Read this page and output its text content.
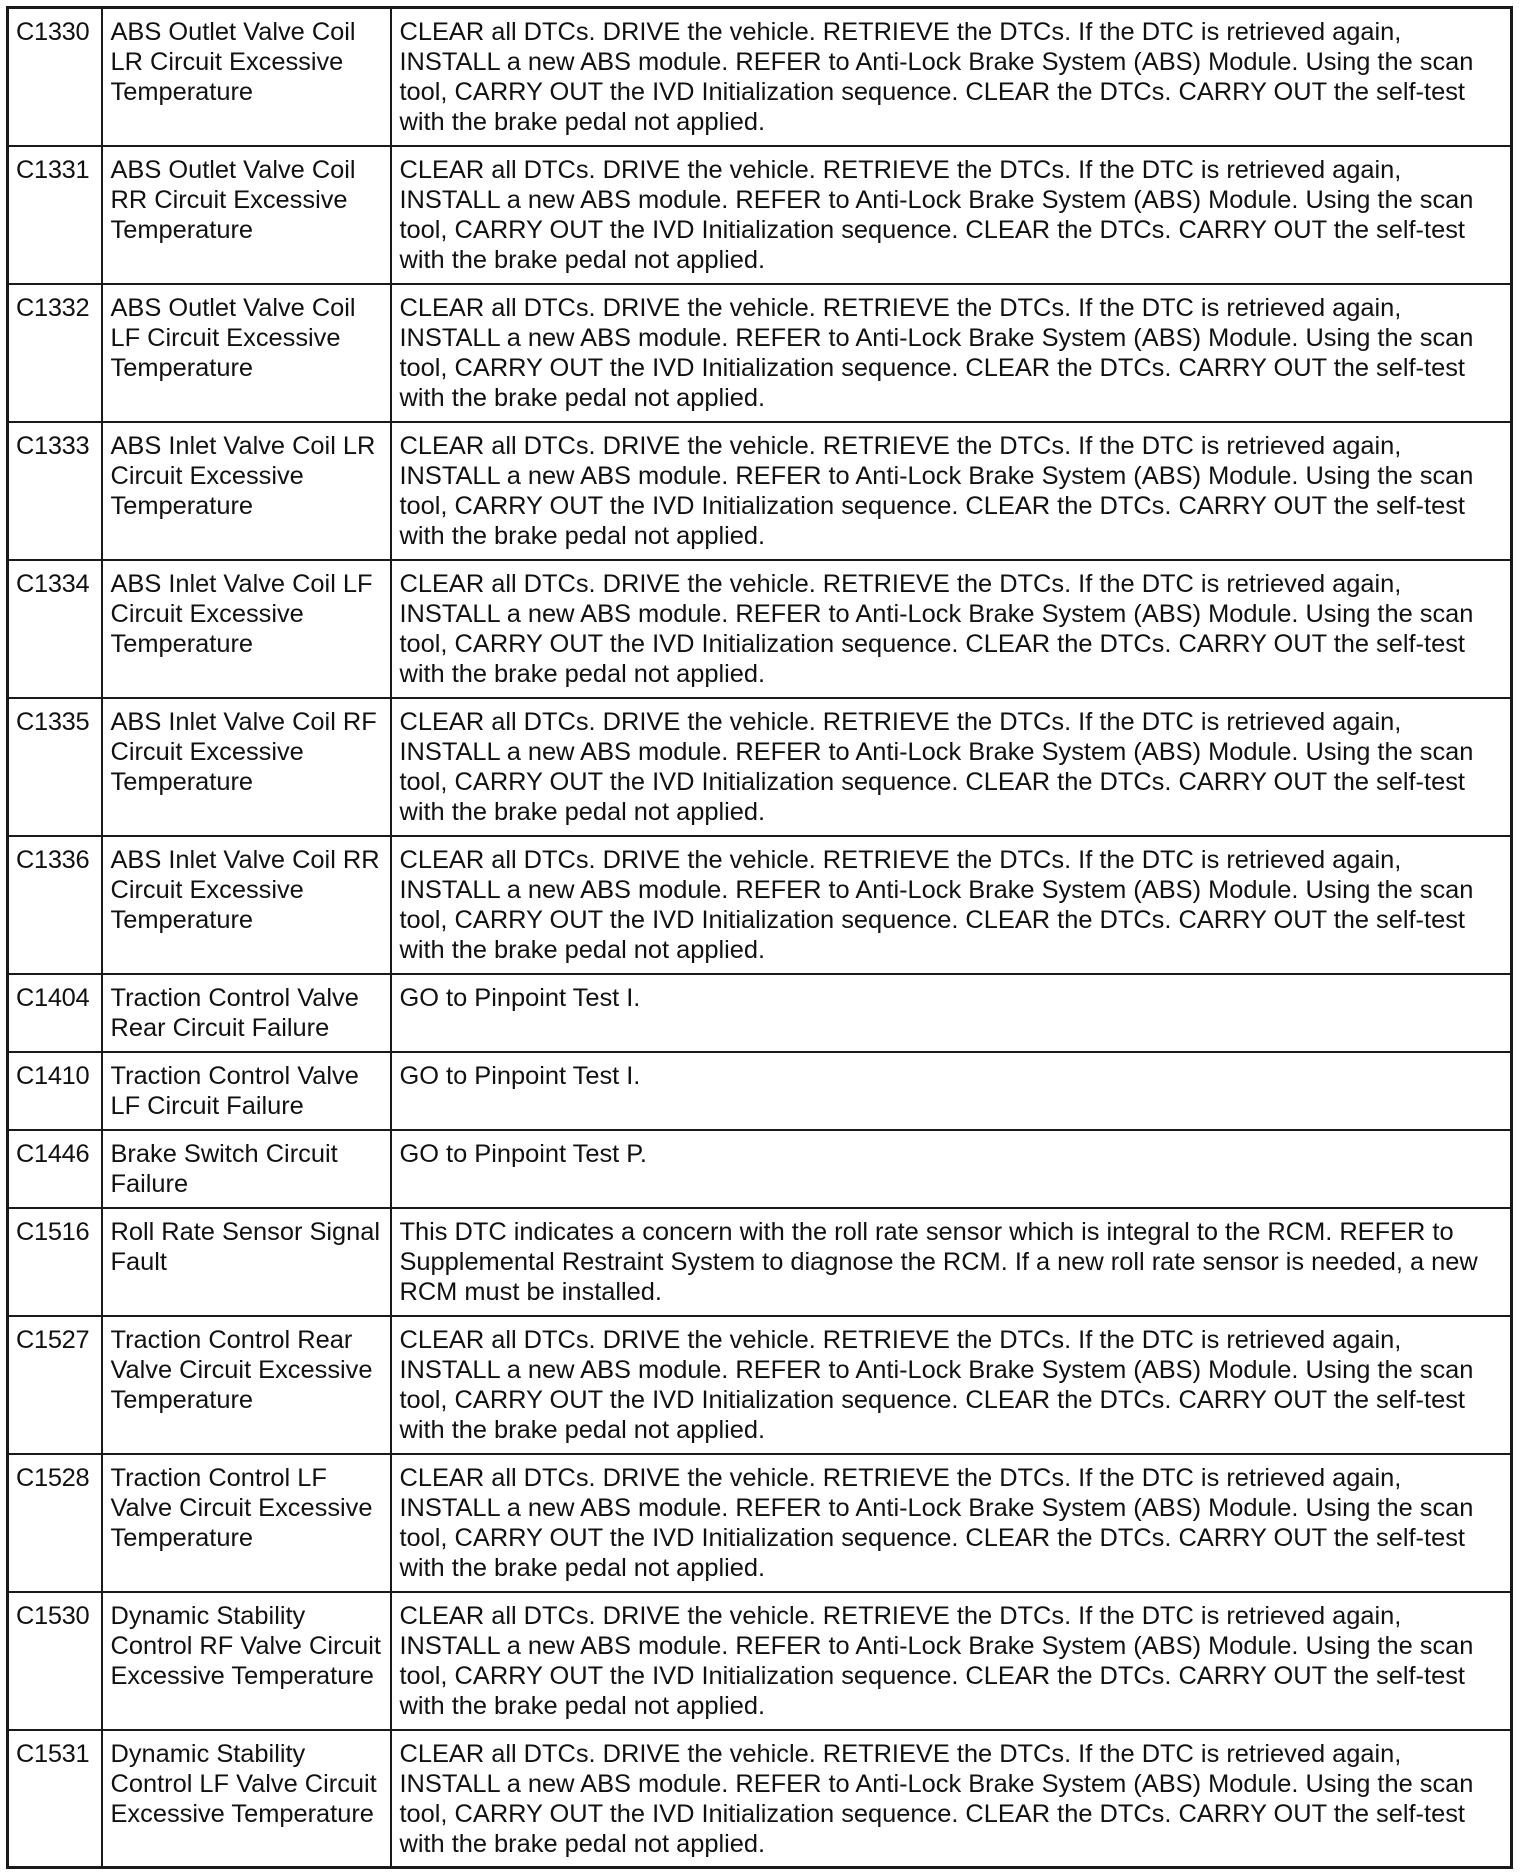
C1330	ABS Outlet Valve Coil LR Circuit Excessive Temperature	CLEAR all DTCs. DRIVE the vehicle. RETRIEVE the DTCs. If the DTC is retrieved again, INSTALL a new ABS module. REFER to Anti-Lock Brake System (ABS) Module. Using the scan tool, CARRY OUT the IVD Initialization sequence. CLEAR the DTCs. CARRY OUT the self-test with the brake pedal not applied.
C1331	ABS Outlet Valve Coil RR Circuit Excessive Temperature	CLEAR all DTCs. DRIVE the vehicle. RETRIEVE the DTCs. If the DTC is retrieved again, INSTALL a new ABS module. REFER to Anti-Lock Brake System (ABS) Module. Using the scan tool, CARRY OUT the IVD Initialization sequence. CLEAR the DTCs. CARRY OUT the self-test with the brake pedal not applied.
C1332	ABS Outlet Valve Coil LF Circuit Excessive Temperature	CLEAR all DTCs. DRIVE the vehicle. RETRIEVE the DTCs. If the DTC is retrieved again, INSTALL a new ABS module. REFER to Anti-Lock Brake System (ABS) Module. Using the scan tool, CARRY OUT the IVD Initialization sequence. CLEAR the DTCs. CARRY OUT the self-test with the brake pedal not applied.
C1333	ABS Inlet Valve Coil LR Circuit Excessive Temperature	CLEAR all DTCs. DRIVE the vehicle. RETRIEVE the DTCs. If the DTC is retrieved again, INSTALL a new ABS module. REFER to Anti-Lock Brake System (ABS) Module. Using the scan tool, CARRY OUT the IVD Initialization sequence. CLEAR the DTCs. CARRY OUT the self-test with the brake pedal not applied.
C1334	ABS Inlet Valve Coil LF Circuit Excessive Temperature	CLEAR all DTCs. DRIVE the vehicle. RETRIEVE the DTCs. If the DTC is retrieved again, INSTALL a new ABS module. REFER to Anti-Lock Brake System (ABS) Module. Using the scan tool, CARRY OUT the IVD Initialization sequence. CLEAR the DTCs. CARRY OUT the self-test with the brake pedal not applied.
C1335	ABS Inlet Valve Coil RF Circuit Excessive Temperature	CLEAR all DTCs. DRIVE the vehicle. RETRIEVE the DTCs. If the DTC is retrieved again, INSTALL a new ABS module. REFER to Anti-Lock Brake System (ABS) Module. Using the scan tool, CARRY OUT the IVD Initialization sequence. CLEAR the DTCs. CARRY OUT the self-test with the brake pedal not applied.
C1336	ABS Inlet Valve Coil RR Circuit Excessive Temperature	CLEAR all DTCs. DRIVE the vehicle. RETRIEVE the DTCs. If the DTC is retrieved again, INSTALL a new ABS module. REFER to Anti-Lock Brake System (ABS) Module. Using the scan tool, CARRY OUT the IVD Initialization sequence. CLEAR the DTCs. CARRY OUT the self-test with the brake pedal not applied.
C1404	Traction Control Valve Rear Circuit Failure	GO to Pinpoint Test I.
C1410	Traction Control Valve LF Circuit Failure	GO to Pinpoint Test I.
C1446	Brake Switch Circuit Failure	GO to Pinpoint Test P.
C1516	Roll Rate Sensor Signal Fault	This DTC indicates a concern with the roll rate sensor which is integral to the RCM. REFER to Supplemental Restraint System to diagnose the RCM. If a new roll rate sensor is needed, a new RCM must be installed.
C1527	Traction Control Rear Valve Circuit Excessive Temperature	CLEAR all DTCs. DRIVE the vehicle. RETRIEVE the DTCs. If the DTC is retrieved again, INSTALL a new ABS module. REFER to Anti-Lock Brake System (ABS) Module. Using the scan tool, CARRY OUT the IVD Initialization sequence. CLEAR the DTCs. CARRY OUT the self-test with the brake pedal not applied.
C1528	Traction Control LF Valve Circuit Excessive Temperature	CLEAR all DTCs. DRIVE the vehicle. RETRIEVE the DTCs. If the DTC is retrieved again, INSTALL a new ABS module. REFER to Anti-Lock Brake System (ABS) Module. Using the scan tool, CARRY OUT the IVD Initialization sequence. CLEAR the DTCs. CARRY OUT the self-test with the brake pedal not applied.
C1530	Dynamic Stability Control RF Valve Circuit Excessive Temperature	CLEAR all DTCs. DRIVE the vehicle. RETRIEVE the DTCs. If the DTC is retrieved again, INSTALL a new ABS module. REFER to Anti-Lock Brake System (ABS) Module. Using the scan tool, CARRY OUT the IVD Initialization sequence. CLEAR the DTCs. CARRY OUT the self-test with the brake pedal not applied.
C1531	Dynamic Stability Control LF Valve Circuit Excessive Temperature	CLEAR all DTCs. DRIVE the vehicle. RETRIEVE the DTCs. If the DTC is retrieved again, INSTALL a new ABS module. REFER to Anti-Lock Brake System (ABS) Module. Using the scan tool, CARRY OUT the IVD Initialization sequence. CLEAR the DTCs. CARRY OUT the self-test with the brake pedal not applied.
